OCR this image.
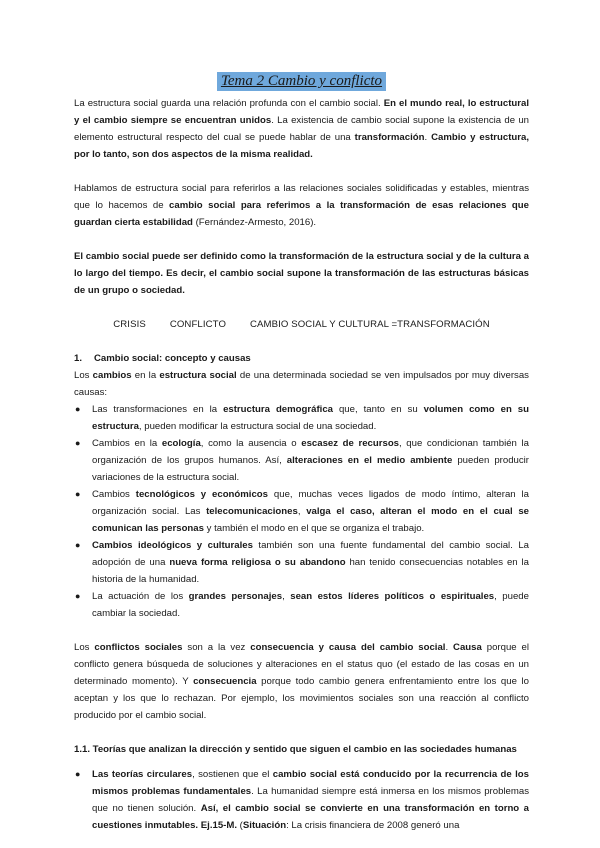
Tema 2 Cambio y conflicto

La estructura social guarda una relación profunda con el cambio social. En el mundo real, lo estructural y el cambio siempre se encuentran unidos. La existencia de cambio social supone la existencia de un elemento estructural respecto del cual se puede hablar de una transformación. Cambio y estructura, por lo tanto, son dos aspectos de la misma realidad.

Hablamos de estructura social para referirlos a las relaciones sociales solidificadas y estables, mientras que lo hacemos de cambio social para referimos a la transformación de esas relaciones que guardan cierta estabilidad (Fernández-Armesto, 2016).

El cambio social puede ser definido como la transformación de la estructura social y de la cultura a lo largo del tiempo. Es decir, el cambio social supone la transformación de las estructuras básicas de un grupo o sociedad.

CRISIS	CONFLICTO	CAMBIO SOCIAL Y CULTURAL =TRANSFORMACIÓN

1. Cambio social: concepto y causas

Los cambios en la estructura social de una determinada sociedad se ven impulsados por muy diversas causas:

● Las transformaciones en la estructura demográfica que, tanto en su volumen como en su estructura, pueden modificar la estructura social de una sociedad.
● Cambios en la ecología, como la ausencia o escasez de recursos, que condicionan también la organización de los grupos humanos. Así, alteraciones en el medio ambiente pueden producir variaciones de la estructura social.
● Cambios tecnológicos y económicos que, muchas veces ligados de modo íntimo, alteran la organización social. Las telecomunicaciones, valga el caso, alteran el modo en el cual se comunican las personas y también el modo en el que se organiza el trabajo.
● Cambios ideológicos y culturales también son una fuente fundamental del cambio social. La adopción de una nueva forma religiosa o su abandono han tenido consecuencias notables en la historia de la humanidad.
● La actuación de los grandes personajes, sean estos líderes políticos o espirituales, puede cambiar la sociedad.

Los conflictos sociales son a la vez consecuencia y causa del cambio social. Causa porque el conflicto genera búsqueda de soluciones y alteraciones en el status quo (el estado de las cosas en un determinado momento). Y consecuencia porque todo cambio genera enfrentamiento entre los que lo aceptan y los que lo rechazan. Por ejemplo, los movimientos sociales son una reacción al conflicto producido por el cambio social.

1.1. Teorías que analizan la dirección y sentido que siguen el cambio en las sociedades humanas

● Las teorías circulares, sostienen que el cambio social está conducido por la recurrencia de los mismos problemas fundamentales. La humanidad siempre está inmersa en los mismos problemas que no tienen solución. Así, el cambio social se convierte en una transformación en torno a cuestiones inmutables. Ej.15-M. (Situación: La crisis financiera de 2008 generó una
